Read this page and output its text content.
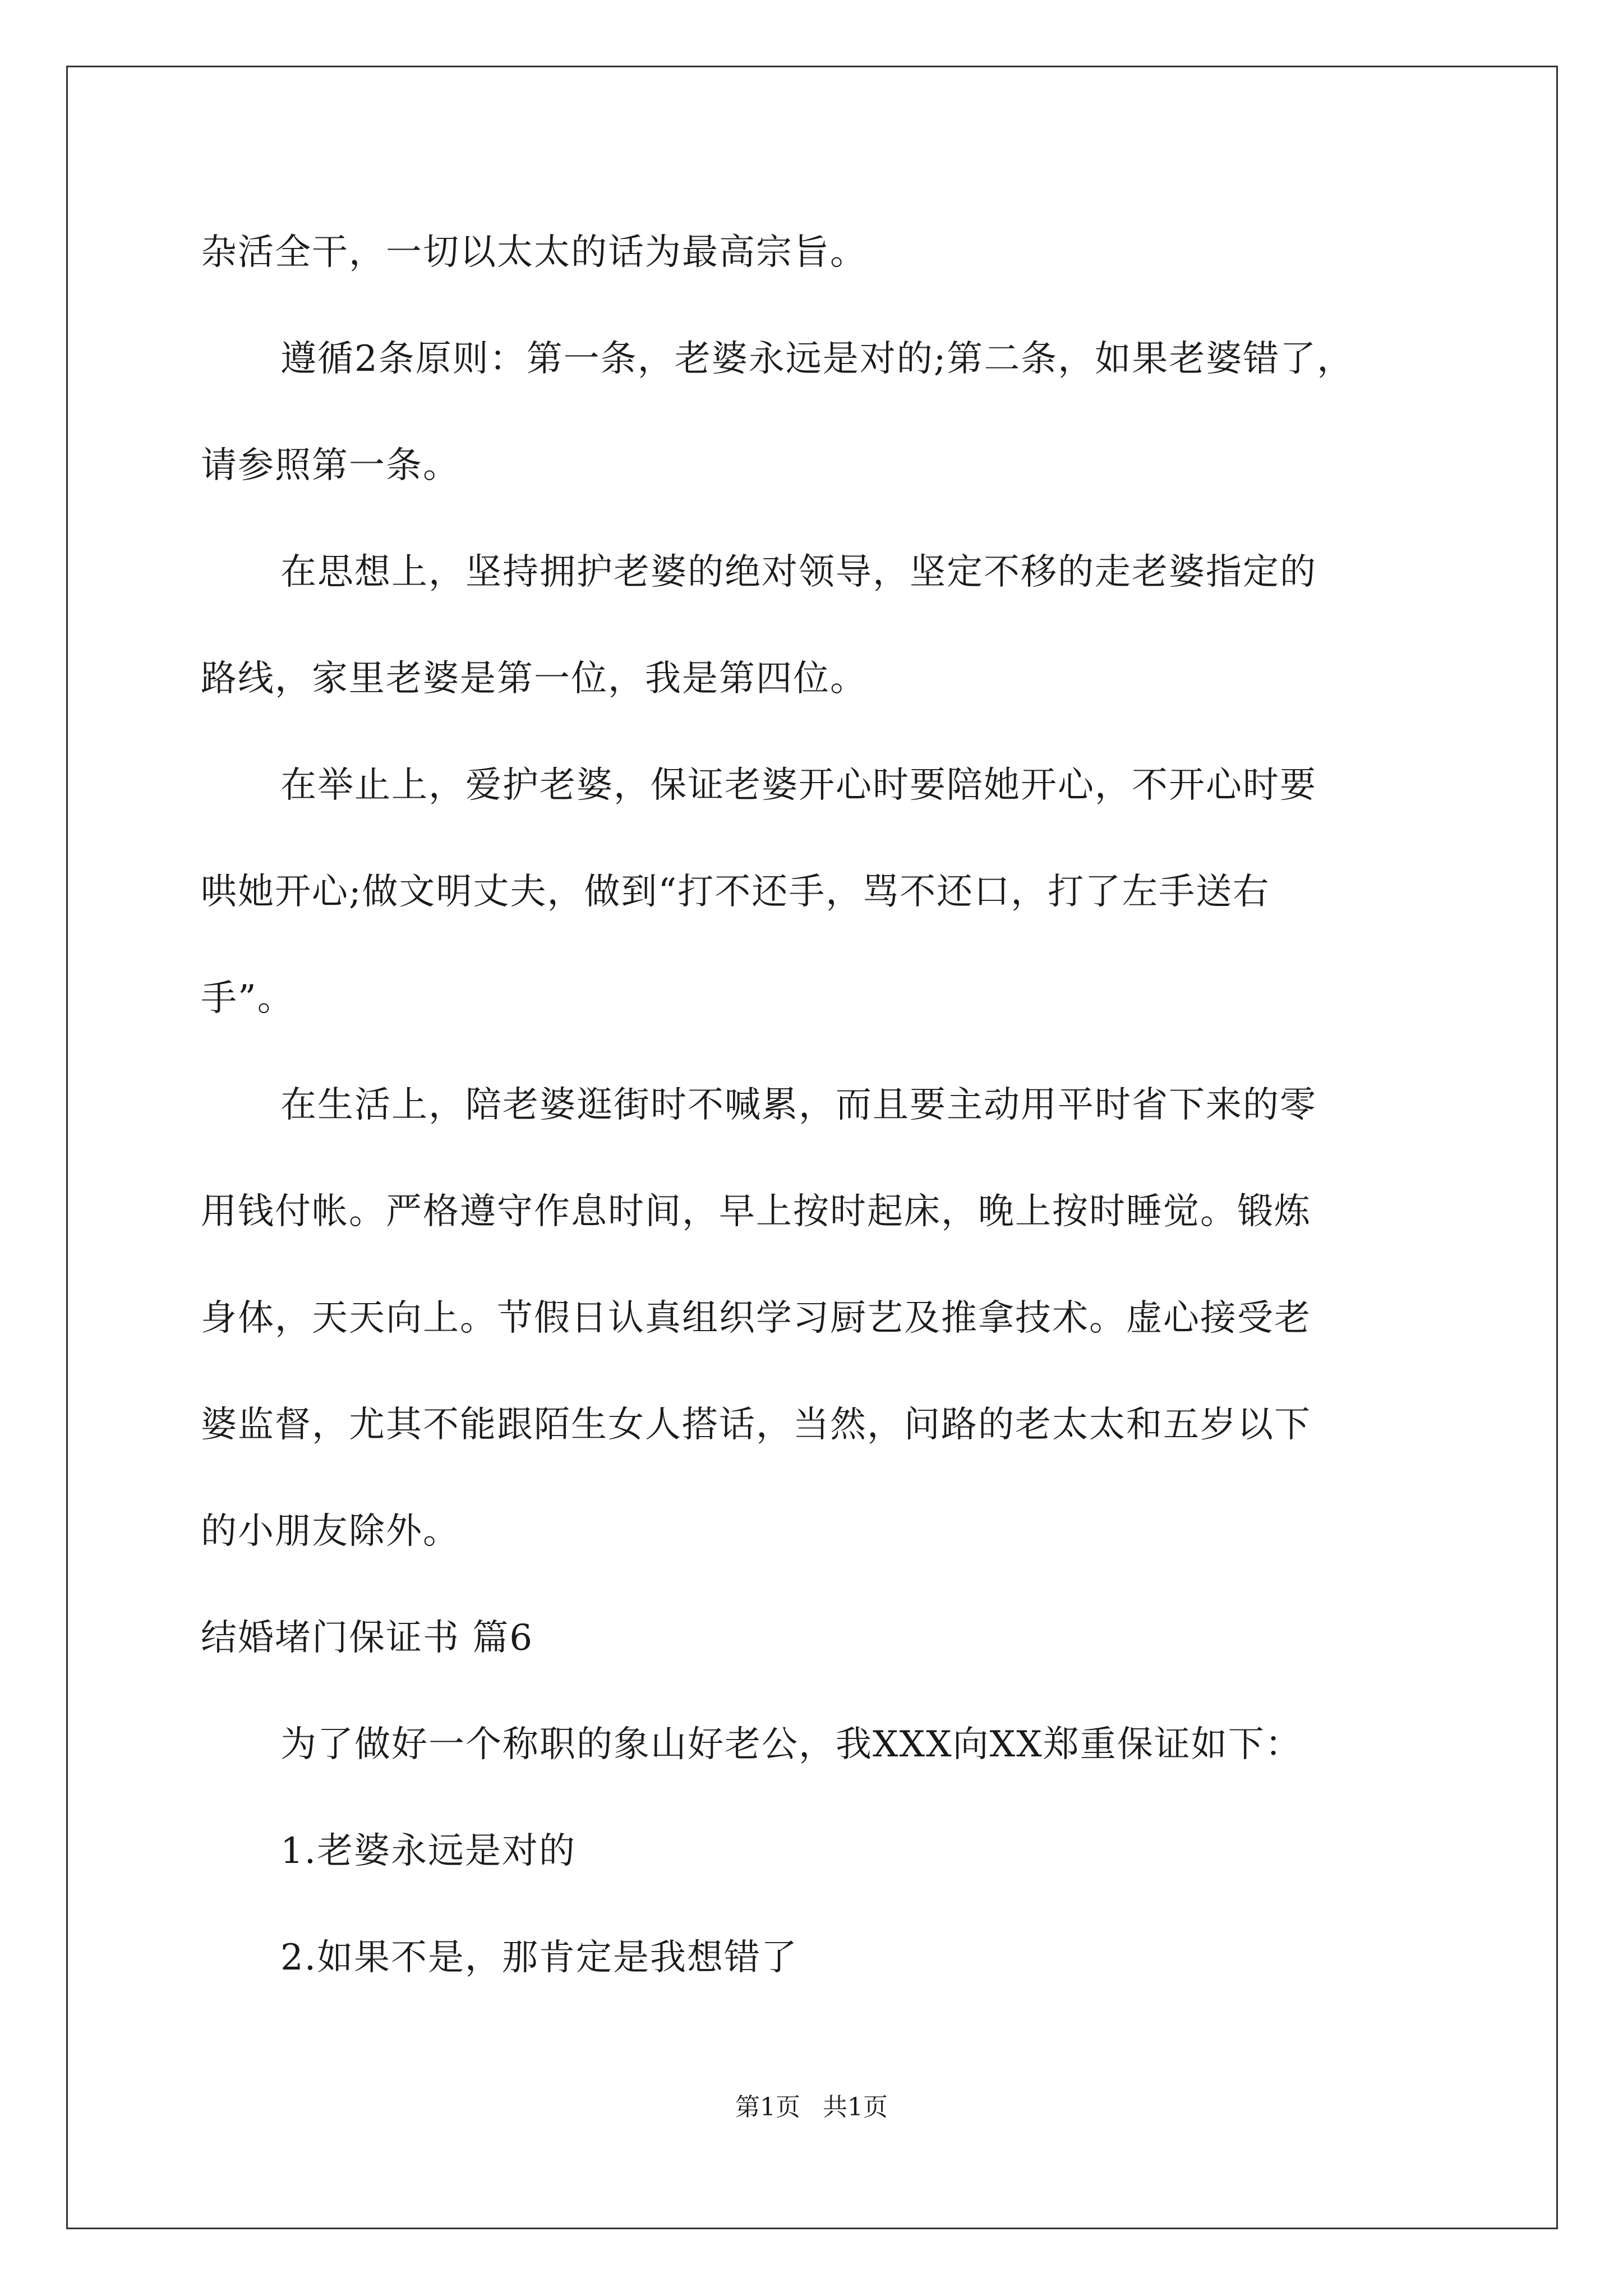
杂活全干，一切以太太的话为最高宗旨。
遵循2条原则：第一条，老婆永远是对的;第二条，如果老婆错了，
请参照第一条。
在思想上，坚持拥护老婆的绝对领导，坚定不移的走老婆指定的
路线，家里老婆是第一位，我是第四位。
在举止上，爱护老婆，保证老婆开心时要陪她开心，不开心时要
哄她开心;做文明丈夫，做到“打不还手，骂不还口，打了左手送右
手”。
在生活上，陪老婆逛街时不喊累，而且要主动用平时省下来的零
用钱付帐。严格遵守作息时间，早上按时起床，晚上按时睡觉。锻炼
身体，天天向上。节假日认真组织学习厨艺及推拿技术。虚心接受老
婆监督，尤其不能跟陌生女人搭话，当然，问路的老太太和五岁以下
的小朋友除外。
结婚堵门保证书 篇6
为了做好一个称职的象山好老公，我XXX向XX郑重保证如下：
1.老婆永远是对的
2.如果不是，那肯定是我想错了
第1页 共1页
